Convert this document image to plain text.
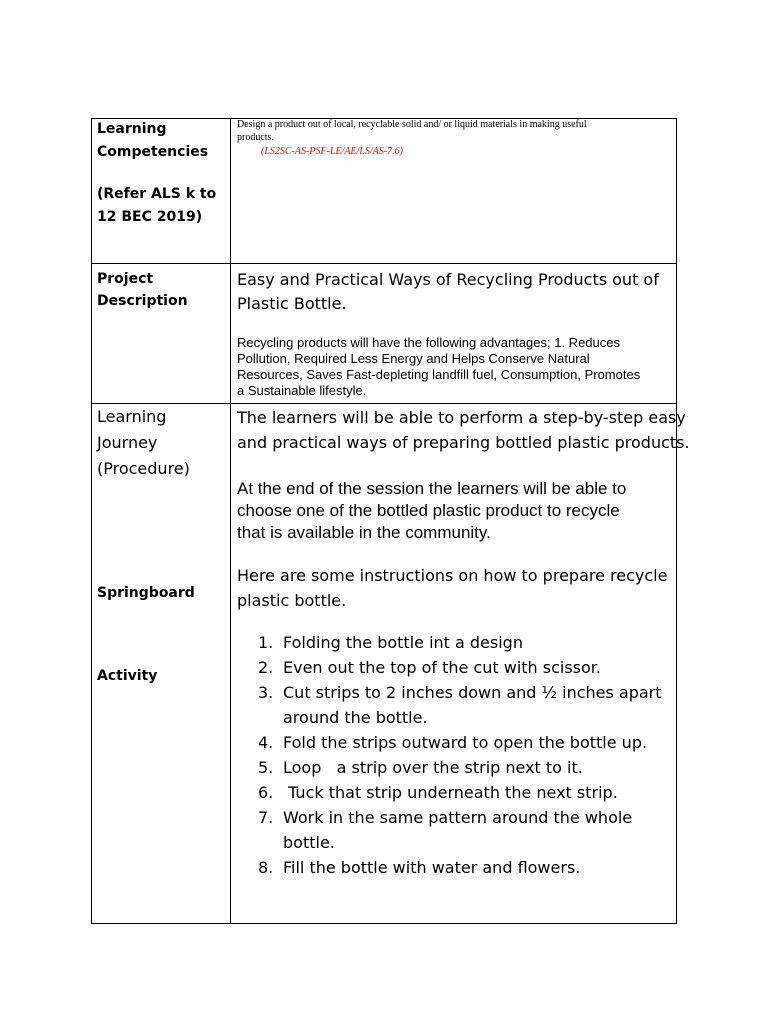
Learning

Competencies

(Refer ALS k to

12 BEC 2019)

Design a product out of local, recyclable solid and/ or liquid materials in making useful

products.

(LS2SC-AS-PSF-LE/AE/LS/AS-7.6)

Project

Description

Easy and Practical Ways of Recycling Products out of

Plastic Bottle.

Recycling products will have the following advantages; 1. Reduces

Pollution, Required Less Energy and Helps Conserve Natural

Resources, Saves Fast-depleting landfill fuel, Consumption, Promotes

a Sustainable lifestyle.

Learning

Journey

(Procedure)

Springboard

Activity

The learners will be able to perform a step-by-step easy

and practical ways of preparing bottled plastic products.

At the end of the session the learners will be able to

choose one of the bottled plastic product to recycle

that is available in the community.

Here are some instructions on how to prepare recycle

plastic bottle.

1. Folding the bottle int a design
2. Even out the top of the cut with scissor.
3. Cut strips to 2 inches down and ½ inches apart
around the bottle.
4. Fold the strips outward to open the bottle up.
5. Loop   a strip over the strip next to it.
6. Tuck that strip underneath the next strip.
7. Work in the same pattern around the whole
bottle.
8. Fill the bottle with water and flowers.
